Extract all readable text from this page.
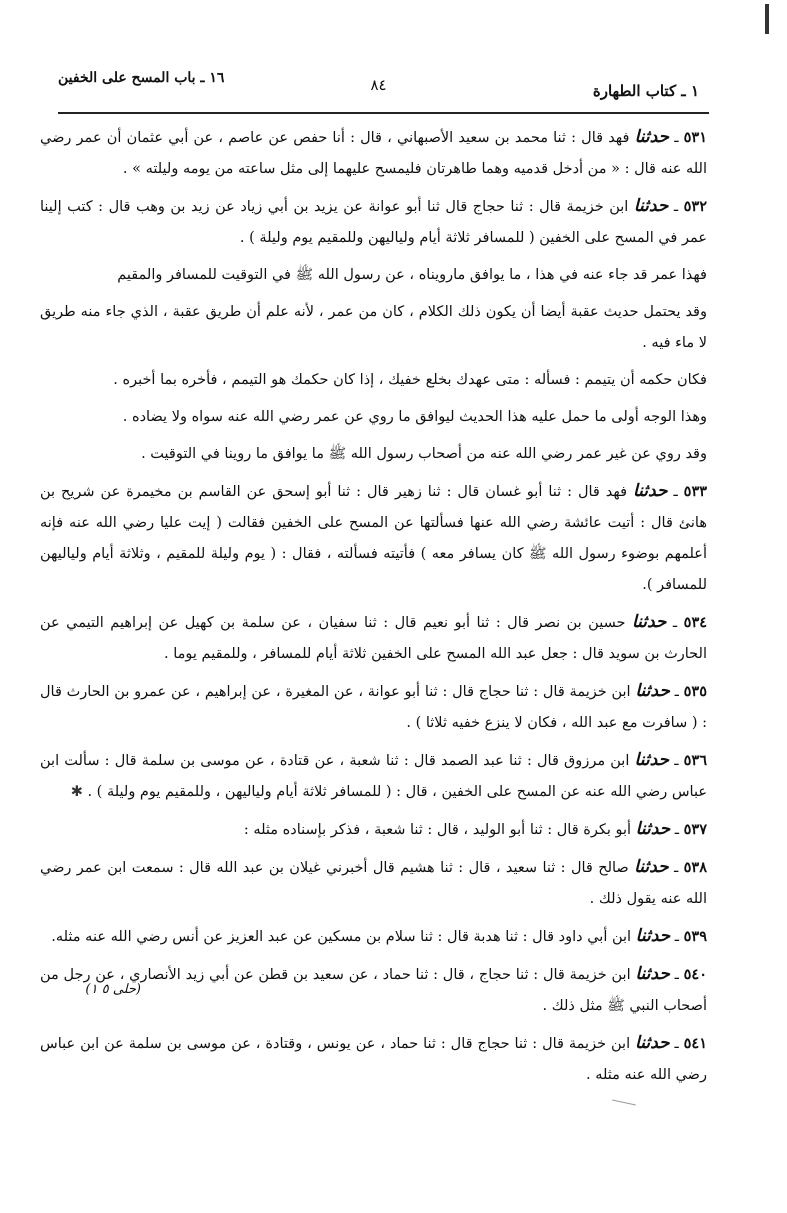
١ ـ كتاب الطهارة
٨٤
١٦ ـ باب المسح على الخفين

٥٣١ ـ حدثنا فهد قال : ثنا محمد بن سعيد الأصبهاني ، قال : أنا حفص عن عاصم ، عن أبي عثمان أن عمر رضي الله عنه قال : « من أدخل قدميه وهما طاهرتان فليمسح عليهما إلى مثل ساعته من يومه وليلته » .

٥٣٢ ـ حدثنا ابن خزيمة قال : ثنا حجاج قال ثنا أبو عوانة عن يزيد بن أبي زياد عن زيد بن وهب قال : كتب إلينا عمر في المسح على الخفين ( للمسافر ثلاثة أيام ولياليهن وللمقيم يوم وليلة ) .

فهذا عمر قد جاء عنه في هذا ، ما يوافق مارويناه ، عن رسول الله ﷺ في التوقيت للمسافر والمقيم

وقد يحتمل حديث عقبة أيضا أن يكون ذلك الكلام ، كان من عمر ، لأنه علم أن طريق عقبة ، الذي جاء منه طريق لا ماء فيه .

فكان حكمه أن يتيمم : فسأله : متى عهدك بخلع خفيك ، إذا كان حكمك هو التيمم ، فأخره بما أخبره .

وهذا الوجه أولى ما حمل عليه هذا الحديث ليوافق ما روي عن عمر رضي الله عنه سواه ولا يضاده .

وقد روي عن غير عمر رضي الله عنه من أصحاب رسول الله ﷺ ما يوافق ما روينا في التوقيت .

٥٣٣ ـ حدثنا فهد قال : ثنا أبو غسان قال : ثنا زهير قال : ثنا أبو إسحق عن القاسم بن مخيمرة عن شريح بن هانئ قال : أتيت عائشة رضي الله عنها فسألتها عن المسح على الخفين فقالت ( إيت عليا رضي الله عنه فإنه أعلمهم بوضوء رسول الله ﷺ كان يسافر معه ) فأتيته فسألته ، فقال : ( يوم وليلة للمقيم ، وثلاثة أيام ولياليهن للمسافر ).

٥٣٤ ـ حدثنا حسين بن نصر قال : ثنا أبو نعيم قال : ثنا سفيان ، عن سلمة بن كهيل عن إبراهيم التيمي عن الحارث بن سويد قال : جعل عبد الله المسح على الخفين ثلاثة أيام للمسافر ، وللمقيم يوما .

٥٣٥ ـ حدثنا ابن خزيمة قال : ثنا حجاج قال : ثنا أبو عوانة ، عن المغيرة ، عن إبراهيم ، عن عمرو بن الحارث قال : ( سافرت مع عبد الله ، فكان لا ينزع خفيه ثلاثا ) .

٥٣٦ ـ حدثنا ابن مرزوق قال : ثنا عبد الصمد قال : ثنا شعبة ، عن قتادة ، عن موسى بن سلمة قال : سألت ابن عباس رضي الله عنه عن المسح على الخفين ، قال : ( للمسافر ثلاثة أيام ولياليهن ، وللمقيم يوم وليلة ) . ✱

٥٣٧ ـ حدثنا أبو بكرة قال : ثنا أبو الوليد ، قال : ثنا شعبة ، فذكر بإسناده مثله :

٥٣٨ ـ حدثنا صالح قال : ثنا سعيد ، قال : ثنا هشيم قال أخبرني غيلان بن عبد الله قال : سمعت ابن عمر رضي الله عنه يقول ذلك .

٥٣٩ ـ حدثنا ابن أبي داود قال : ثنا هدبة قال : ثنا سلام بن مسكين عن عبد العزيز عن أنس رضي الله عنه مثله.

٥٤٠ ـ حدثنا ابن خزيمة قال : ثنا حجاج ، قال : ثنا حماد ، عن سعيد بن قطن عن أبي زيد الأنصاري ، عن رجل من أصحاب النبي ﷺ مثل ذلك .

٥٤١ ـ حدثنا ابن خزيمة قال : ثنا حجاج قال : ثنا حماد ، عن يونس ، وقتادة ، عن موسى بن سلمة عن ابن عباس رضي الله عنه مثله .

(حلی ٥ ١)
